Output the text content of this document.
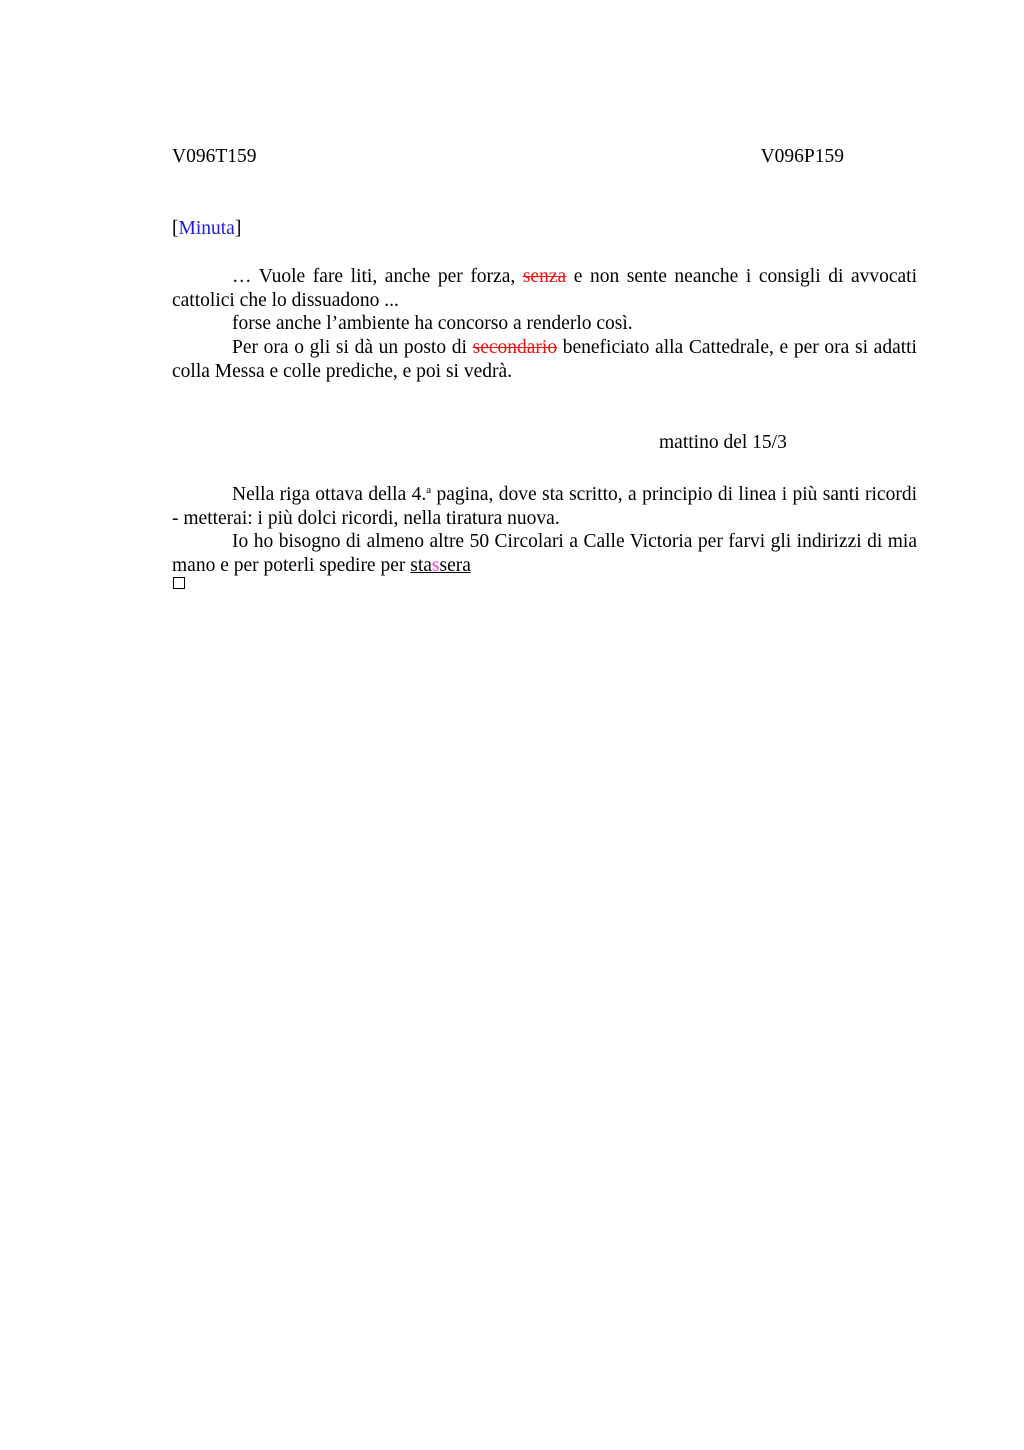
V096T159	V096P159
[Minuta]

… Vuole fare liti, anche per forza, senza e non sente neanche i consigli di avvocati cattolici che lo dissuadono ...

forse anche l’ambiente ha concorso a renderlo così.

Per ora o gli si dà un posto di secondario beneficiato alla Cattedrale, e per ora si adatti colla Messa e colle prediche, e poi si vedrà.

mattino del 15/3

Nella riga ottava della 4.$^a$ pagina, dove sta scritto, a principio di linea i più santi ricordi - metterai: i più dolci ricordi, nella tiratura nuova.

Io ho bisogno di almeno altre 50 Circolari a Calle Victoria per farvi gli indirizzi di mia mano e per poterli spedire per stassera
